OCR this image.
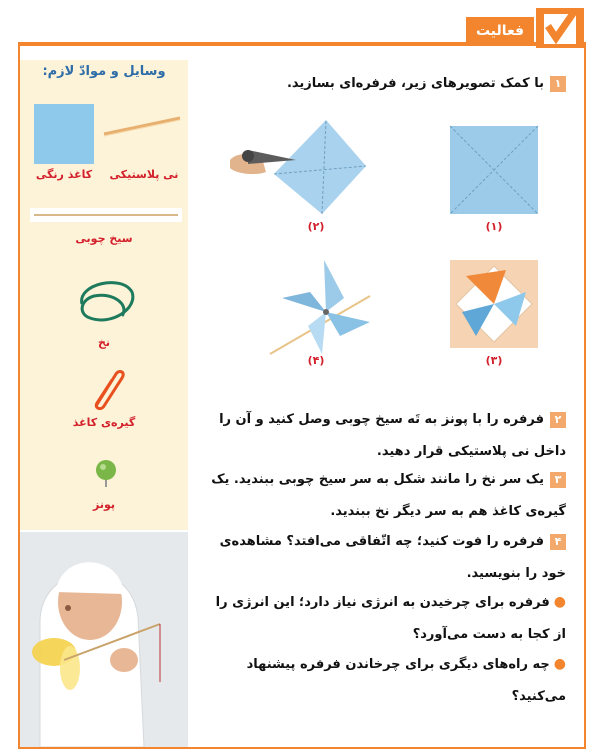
فعالیت
وسایل و موادّ لازم:
کاغذ رنگی	نی پلاستیکی
سیخ چوبی
نخ
گیره‌ی کاغذ
پونز
۱با کمک تصویرهای زیر، فرفره‌ای بسازید.
(۱)
(۲)
(۳)
(۴)
۲فرفره را با پونز به تَه سیخ چوبی وصل کنید و آن را داخل نی پلاستیکی قرار دهید.
۳یک سر نخ را مانند شکل به سر سیخ چوبی ببندید. یک گیره‌ی کاغذ هم به سر دیگر نخ ببندید.
۴فرفره را فوت کنید؛ چه اتّفاقی می‌افتد؟ مشاهده‌ی خود را بنویسید.
●فرفره برای چرخیدن به انرژی نیاز دارد؛ این انرژی را از کجا به دست می‌آورد؟
●چه راه‌های دیگری برای چرخاندن فرفره پیشنهاد می‌کنید؟
